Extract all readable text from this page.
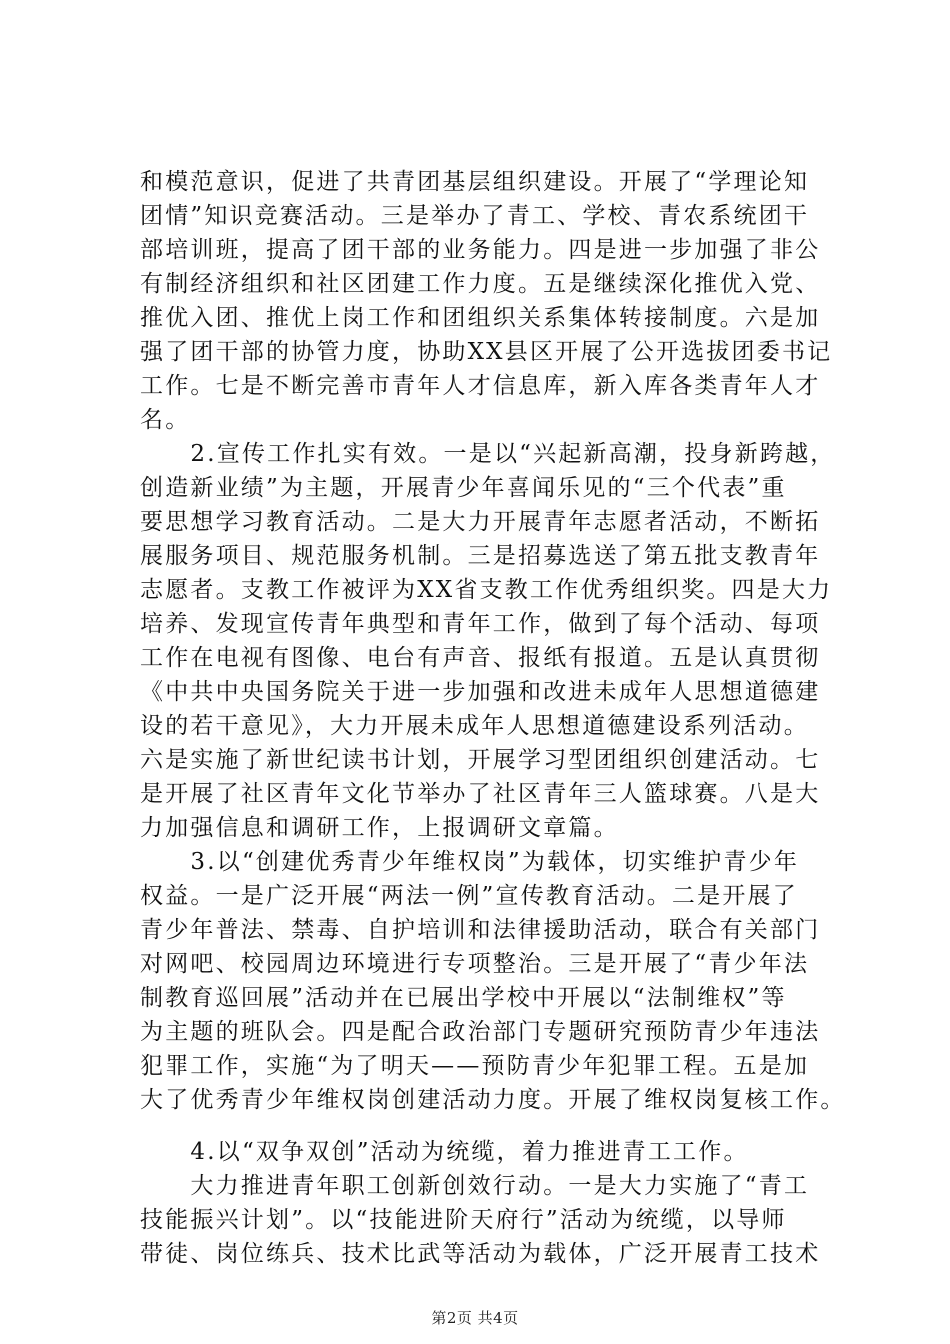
和模范意识，促进了共青团基层组织建设。开展了“学理论知
团情”知识竞赛活动。三是举办了青工、学校、青农系统团干
部培训班，提高了团干部的业务能力。四是进一步加强了非公
有制经济组织和社区团建工作力度。五是继续深化推优入党、
推优入团、推优上岗工作和团组织关系集体转接制度。六是加
强了团干部的协管力度，协助XX县区开展了公开选拔团委书记
工作。七是不断完善市青年人才信息库，新入库各类青年人才
名。
　　2.宣传工作扎实有效。一是以“兴起新高潮，投身新跨越，
创造新业绩”为主题，开展青少年喜闻乐见的“三个代表”重
要思想学习教育活动。二是大力开展青年志愿者活动，不断拓
展服务项目、规范服务机制。三是招募选送了第五批支教青年
志愿者。支教工作被评为XX省支教工作优秀组织奖。四是大力
培养、发现宣传青年典型和青年工作，做到了每个活动、每项
工作在电视有图像、电台有声音、报纸有报道。五是认真贯彻
《中共中央国务院关于进一步加强和改进未成年人思想道德建
设的若干意见》，大力开展未成年人思想道德建设系列活动。
六是实施了新世纪读书计划，开展学习型团组织创建活动。七
是开展了社区青年文化节举办了社区青年三人篮球赛。八是大
力加强信息和调研工作，上报调研文章篇。
　　3.以“创建优秀青少年维权岗”为载体，切实维护青少年
权益。一是广泛开展“两法一例”宣传教育活动。二是开展了
青少年普法、禁毒、自护培训和法律援助活动，联合有关部门
对网吧、校园周边环境进行专项整治。三是开展了“青少年法
制教育巡回展”活动并在已展出学校中开展以“法制维权”等
为主题的班队会。四是配合政治部门专题研究预防青少年违法
犯罪工作，实施“为了明天——预防青少年犯罪工程。五是加
大了优秀青少年维权岗创建活动力度。开展了维权岗复核工作。
　　4.以“双争双创”活动为统缆，着力推进青工工作。
　　大力推进青年职工创新创效行动。一是大力实施了“青工
技能振兴计划”。以“技能进阶天府行”活动为统缆，以导师
带徒、岗位练兵、技术比武等活动为载体，广泛开展青工技术
第2页 共4页
